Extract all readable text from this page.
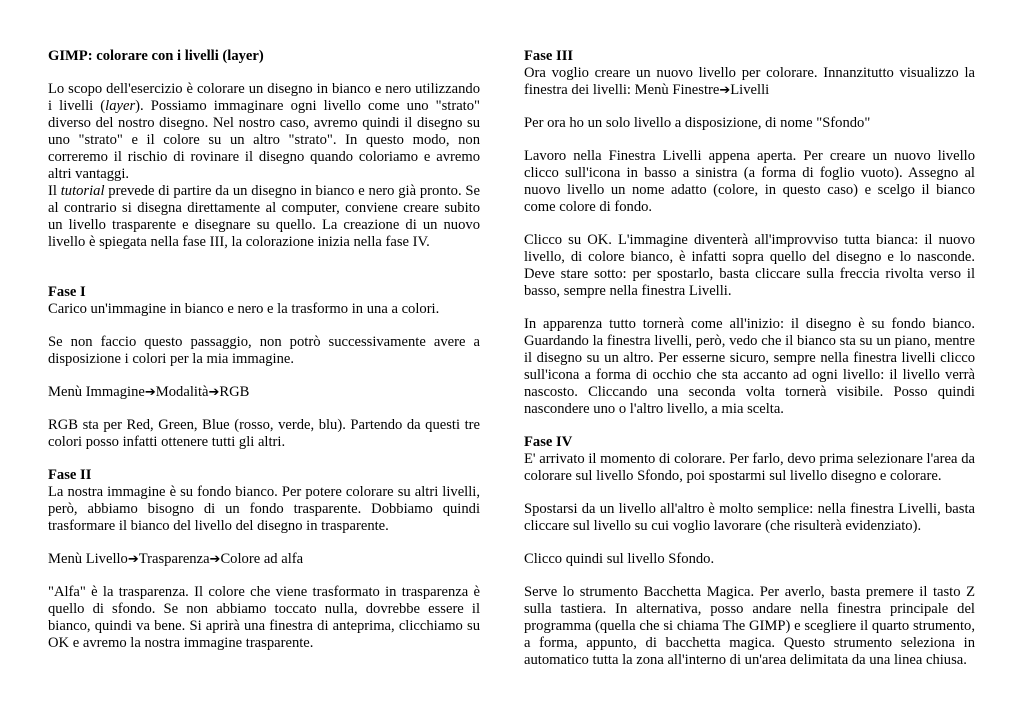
GIMP: colorare con i livelli (layer)

Lo scopo dell'esercizio è colorare un disegno in bianco e nero utilizzando i livelli (layer). Possiamo immaginare ogni livello come uno "strato" diverso del nostro disegno. Nel nostro caso, avremo quindi il disegno su uno "strato" e il colore su un altro "strato". In questo modo, non correremo il rischio di rovinare il disegno quando coloriamo e avremo altri vantaggi.

Il tutorial prevede di partire da un disegno in bianco e nero già pronto. Se al contrario si disegna direttamente al computer, conviene creare subito un livello trasparente e disegnare su quello. La creazione di un nuovo livello è spiegata nella fase III, la colorazione inizia nella fase IV.

Fase I

Carico un'immagine in bianco e nero e la trasformo in una a colori.

Se non faccio questo passaggio, non potrò successivamente avere a disposizione i colori per la mia immagine.

Menù Immagine➔Modalità➔RGB

RGB sta per Red, Green, Blue (rosso, verde, blu). Partendo da questi tre colori posso infatti ottenere tutti gli altri.

Fase II

La nostra immagine è su fondo bianco. Per potere colorare su altri livelli, però, abbiamo bisogno di un fondo trasparente. Dobbiamo quindi trasformare il bianco del livello del disegno in trasparente.

Menù Livello➔Trasparenza➔Colore ad alfa

"Alfa" è la trasparenza. Il colore che viene trasformato in trasparenza è quello di sfondo. Se non abbiamo toccato nulla, dovrebbe essere il bianco, quindi va bene. Si aprirà una finestra di anteprima, clicchiamo su OK e avremo la nostra immagine trasparente.

Fase III

Ora voglio creare un nuovo livello per colorare. Innanzitutto visualizzo la finestra dei livelli: Menù Finestre➔Livelli

Per ora ho un solo livello a disposizione, di nome "Sfondo"

Lavoro nella Finestra Livelli appena aperta. Per creare un nuovo livello clicco sull'icona in basso a sinistra (a forma di foglio vuoto). Assegno al nuovo livello un nome adatto (colore, in questo caso) e scelgo il bianco come colore di fondo.

Clicco su OK. L'immagine diventerà all'improvviso tutta bianca: il nuovo livello, di colore bianco, è infatti sopra quello del disegno e lo nasconde. Deve stare sotto: per spostarlo, basta cliccare sulla freccia rivolta verso il basso, sempre nella finestra Livelli.

In apparenza tutto tornerà come all'inizio: il disegno è su fondo bianco. Guardando la finestra livelli, però, vedo che il bianco sta su un piano, mentre il disegno su un altro. Per esserne sicuro, sempre nella finestra livelli clicco sull'icona a forma di occhio che sta accanto ad ogni livello: il livello verrà nascosto. Cliccando una seconda volta tornerà visibile. Posso quindi nascondere uno o l'altro livello, a mia scelta.

Fase IV

E' arrivato il momento di colorare. Per farlo, devo prima selezionare l'area da colorare sul livello Sfondo, poi spostarmi sul livello disegno e colorare.

Spostarsi da un livello all'altro è molto semplice: nella finestra Livelli, basta cliccare sul livello su cui voglio lavorare (che risulterà evidenziato).

Clicco quindi sul livello Sfondo.

Serve lo strumento Bacchetta Magica. Per averlo, basta premere il tasto Z sulla tastiera. In alternativa, posso andare nella finestra principale del programma (quella che si chiama The GIMP) e scegliere il quarto strumento, a forma, appunto, di bacchetta magica. Questo strumento seleziona in automatico tutta la zona all'interno di un'area delimitata da una linea chiusa.
